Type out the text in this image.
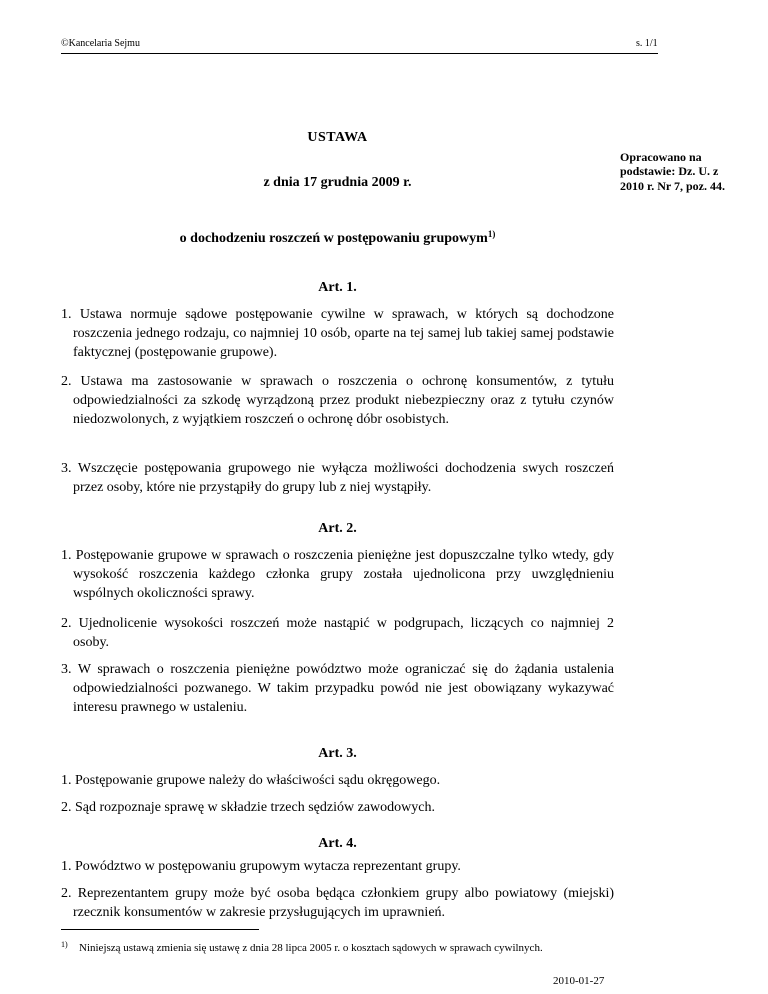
©Kancelaria Sejmu	s. 1/1
Opracowano na podstawie: Dz. U. z 2010 r. Nr 7, poz. 44.
USTAWA
z dnia 17 grudnia 2009 r.
o dochodzeniu roszczeń w postępowaniu grupowym$^{1)}$
Art. 1.
1. Ustawa normuje sądowe postępowanie cywilne w sprawach, w których są dochodzone roszczenia jednego rodzaju, co najmniej 10 osób, oparte na tej samej lub takiej samej podstawie faktycznej (postępowanie grupowe).
2. Ustawa ma zastosowanie w sprawach o roszczenia o ochronę konsumentów, z tytułu odpowiedzialności za szkodę wyrządzoną przez produkt niebezpieczny oraz z tytułu czynów niedozwolonych, z wyjątkiem roszczeń o ochronę dóbr osobistych.
3. Wszczęcie postępowania grupowego nie wyłącza możliwości dochodzenia swych roszczeń przez osoby, które nie przystąpiły do grupy lub z niej wystąpiły.
Art. 2.
1. Postępowanie grupowe w sprawach o roszczenia pieniężne jest dopuszczalne tylko wtedy, gdy wysokość roszczenia każdego członka grupy została ujednolicona przy uwzględnieniu wspólnych okoliczności sprawy.
2. Ujednolicenie wysokości roszczeń może nastąpić w podgrupach, liczących co najmniej 2 osoby.
3. W sprawach o roszczenia pieniężne powództwo może ograniczać się do żądania ustalenia odpowiedzialności pozwanego. W takim przypadku powód nie jest obowiązany wykazywać interesu prawnego w ustaleniu.
Art. 3.
1. Postępowanie grupowe należy do właściwości sądu okręgowego.
2. Sąd rozpoznaje sprawę w składzie trzech sędziów zawodowych.
Art. 4.
1. Powództwo w postępowaniu grupowym wytacza reprezentant grupy.
1) Niniejszą ustawą zmienia się ustawę z dnia 28 lipca 2005 r. o kosztach sądowych w sprawach cywilnych.
2010-01-27
2. Reprezentantem grupy może być osoba będąca członkiem grupy albo powiatowy (miejski) rzecznik konsumentów w zakresie przysługujących im uprawnień.
